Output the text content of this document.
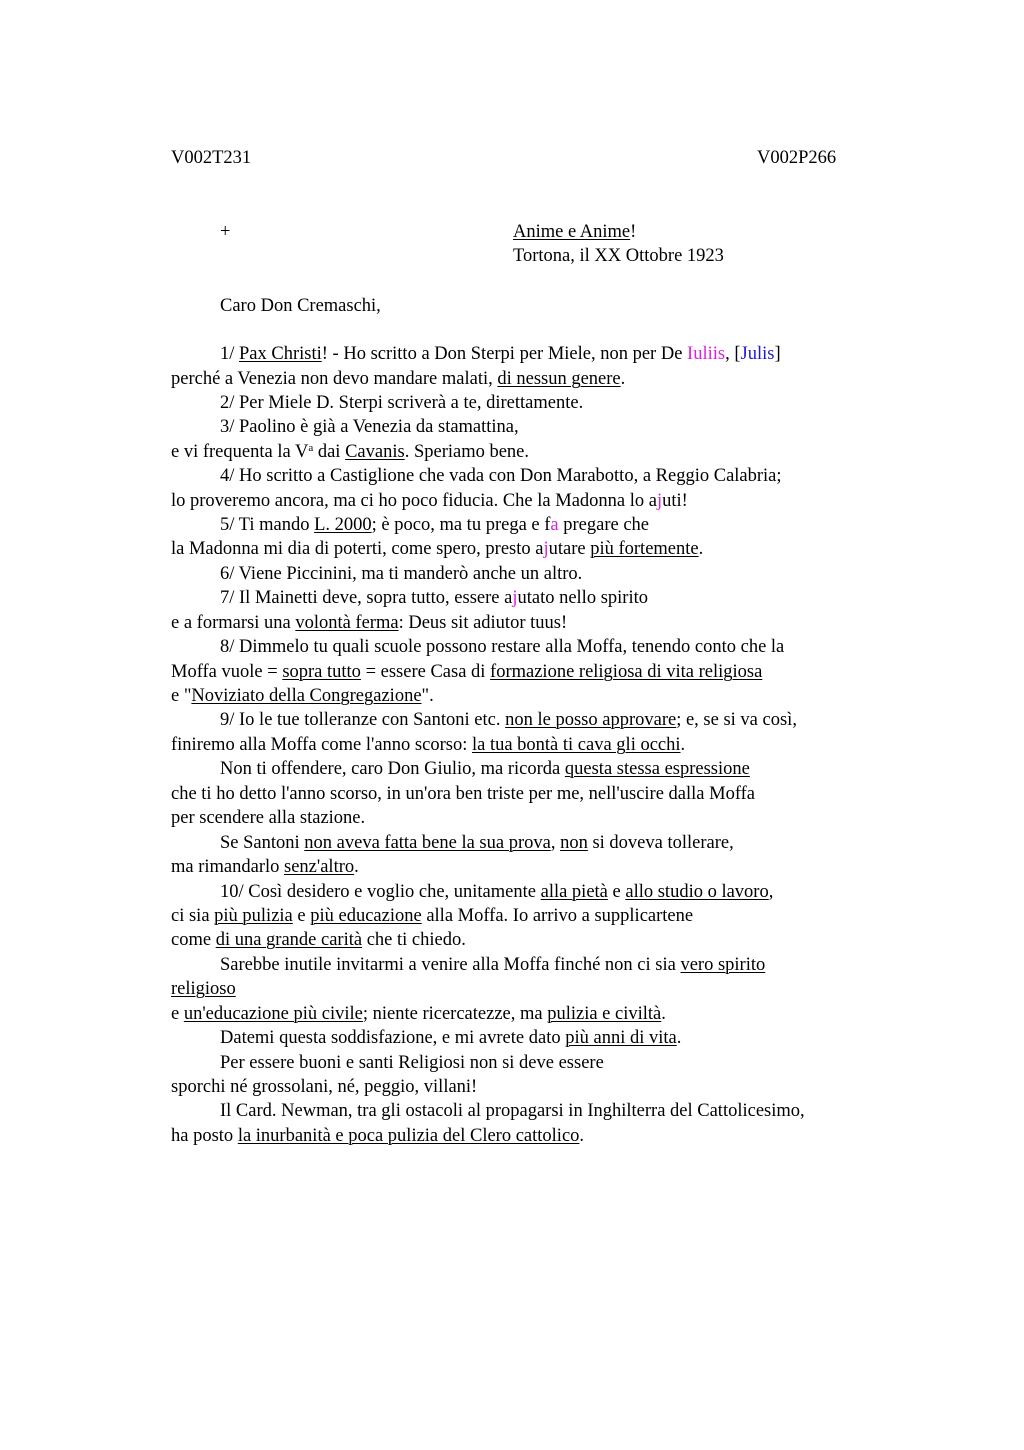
V002T231	V002P266
+	Anime e Anime!
Tortona, il XX Ottobre 1923
Caro Don Cremaschi,
1/ Pax Christi! - Ho scritto a Don Sterpi per Miele, non per De Iuliis, [Julis]
perché a Venezia non devo mandare malati, di nessun genere.
2/ Per Miele D. Sterpi scriverà a te, direttamente.
3/ Paolino è già a Venezia da stamattina,
e vi frequenta la $V^a$ dai Cavanis. Speriamo bene.
4/ Ho scritto a Castiglione che vada con Don Marabotto, a Reggio Calabria;
lo proveremo ancora, ma ci ho poco fiducia. Che la Madonna lo ajuti!
5/ Ti mando L. 2000; è poco, ma tu prega e fa pregare che
la Madonna mi dia di poterti, come spero, presto ajutare più fortemente.
6/ Viene Piccinini, ma ti manderò anche un altro.
7/ Il Mainetti deve, sopra tutto, essere ajutato nello spirito
e a formarsi una volontà ferma: Deus sit adiutor tuus!
8/ Dimmelo tu quali scuole possono restare alla Moffa, tenendo conto che la
Moffa vuole = sopra tutto = essere Casa di formazione religiosa di vita religiosa
e "Noviziato della Congregazione".
9/ Io le tue tolleranze con Santoni etc. non le posso approvare; e, se si va così,
finiremo alla Moffa come l'anno scorso: la tua bontà ti cava gli occhi.
Non ti offendere, caro Don Giulio, ma ricorda questa stessa espressione
che ti ho detto l'anno scorso, in un'ora ben triste per me, nell'uscire dalla Moffa
per scendere alla stazione.
Se Santoni non aveva fatta bene la sua prova, non si doveva tollerare,
ma rimandarlo senz'altro.
10/ Così desidero e voglio che, unitamente alla pietà e allo studio o lavoro,
ci sia più pulizia e più educazione alla Moffa. Io arrivo a supplicartene
come di una grande carità che ti chiedo.
Sarebbe inutile invitarmi a venire alla Moffa finché non ci sia vero spirito
religioso
e un'educazione più civile; niente ricercatezze, ma pulizia e civiltà.
Datemi questa soddisfazione, e mi avrete dato più anni di vita.
Per essere buoni e santi Religiosi non si deve essere
sporchi né grossolani, né, peggio, villani!
Il Card. Newman, tra gli ostacoli al propagarsi in Inghilterra del Cattolicesimo,
ha posto la inurbanità e poca pulizia del Clero cattolico.
